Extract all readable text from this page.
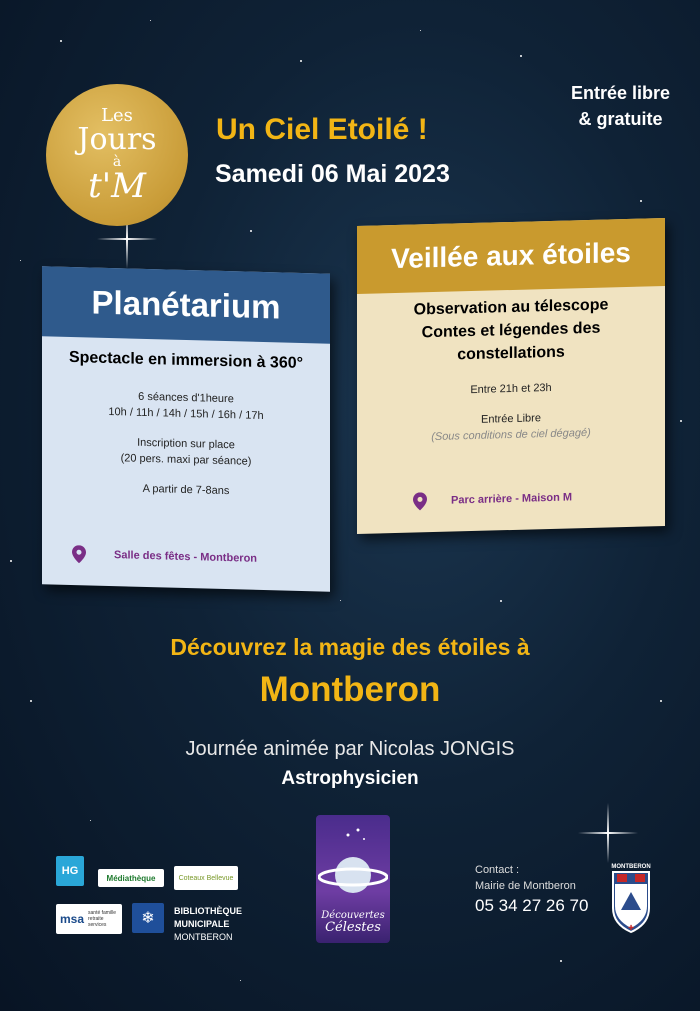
Les
Jours
à
t'M
Un Ciel Etoilé !
Samedi 06 Mai 2023
Entrée libre
& gratuite
Planétarium
Spectacle en immersion à 360°

6 séances d'1heure
10h / 11h / 14h / 15h / 16h / 17h

Inscription sur place
(20 pers. maxi par séance)

A partir de 7-8ans

Salle des fêtes - Montberon
Veillée aux étoiles
Observation au télescope
Contes et légendes des
constellations

Entre 21h et 23h

Entrée Libre

(Sous conditions de ciel dégagé)

Parc arrière - Maison M
Découvrez la magie des étoiles à
Montberon
Journée animée par Nicolas JONGIS
Astrophysicien
Découvertes
Célestes
HG
Médiathèque	Coteaux Bellevue
msa santé famille retraite services	❄ BIBLIOTHÈQUE
MUNICIPALE
MONTBERON
Contact :
Mairie de Montberon
05 34 27 26 70
MONTBERON
✚
